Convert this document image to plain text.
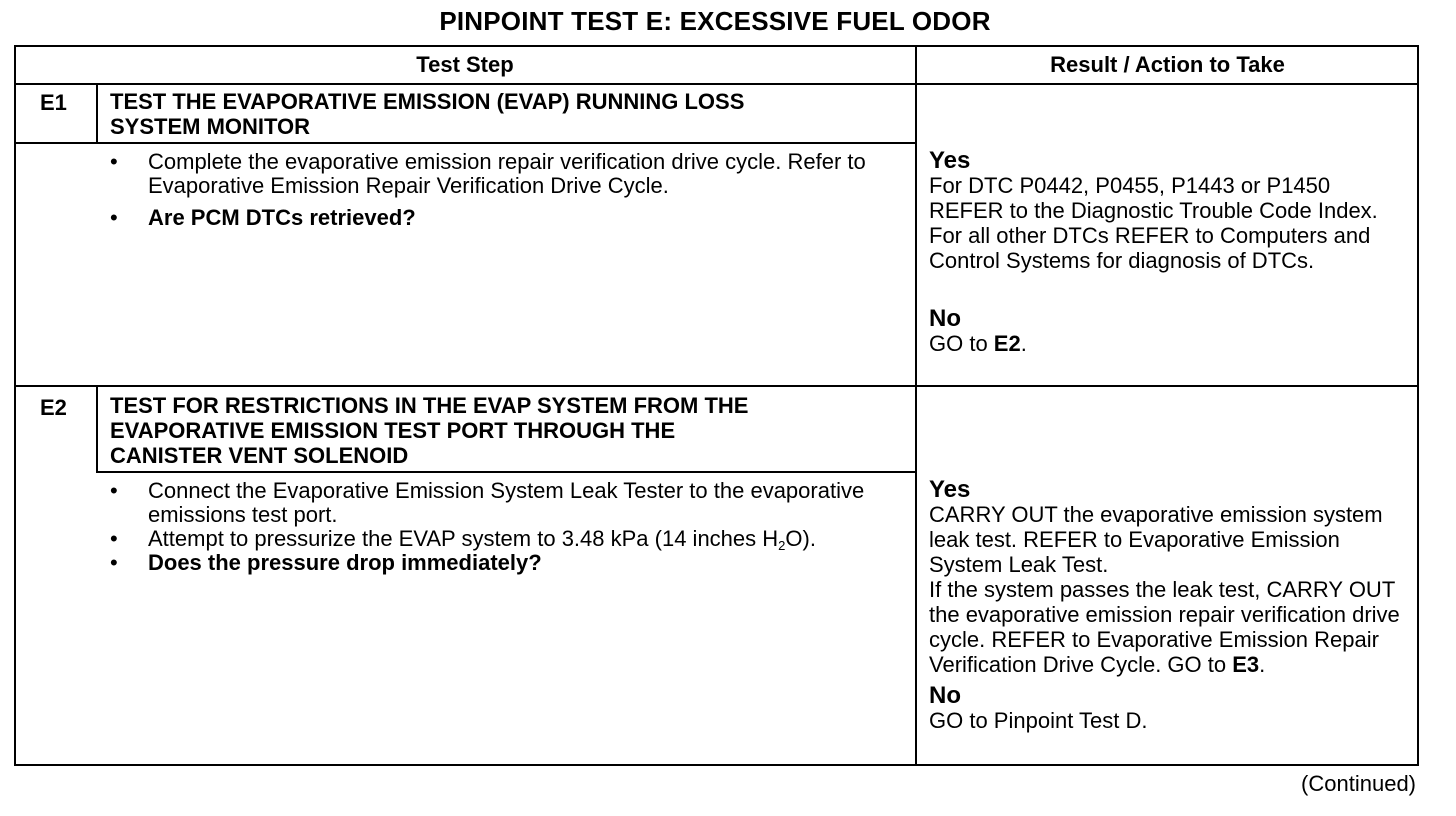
PINPOINT TEST E: EXCESSIVE FUEL ODOR
Test Step	Result / Action to Take
E1 TEST THE EVAPORATIVE EMISSION (EVAP) RUNNING LOSS
SYSTEM MONITOR
• Complete the evaporative emission repair verification drive cycle. Refer to Evaporative Emission Repair Verification Drive Cycle.
• Are PCM DTCs retrieved?
Yes
For DTC P0442, P0455, P1443 or P1450 REFER to the Diagnostic Trouble Code Index. For all other DTCs REFER to Computers and Control Systems for diagnosis of DTCs.
No
GO to E2.
E2 TEST FOR RESTRICTIONS IN THE EVAP SYSTEM FROM THE
EVAPORATIVE EMISSION TEST PORT THROUGH THE
CANISTER VENT SOLENOID
• Connect the Evaporative Emission System Leak Tester to the evaporative emissions test port.
• Attempt to pressurize the EVAP system to 3.48 kPa (14 inches $H_2O$).
• Does the pressure drop immediately?
Yes
CARRY OUT the evaporative emission system leak test. REFER to Evaporative Emission System Leak Test.
If the system passes the leak test, CARRY OUT the evaporative emission repair verification drive cycle. REFER to Evaporative Emission Repair Verification Drive Cycle. GO to E3.
No
GO to Pinpoint Test D.
(Continued)
